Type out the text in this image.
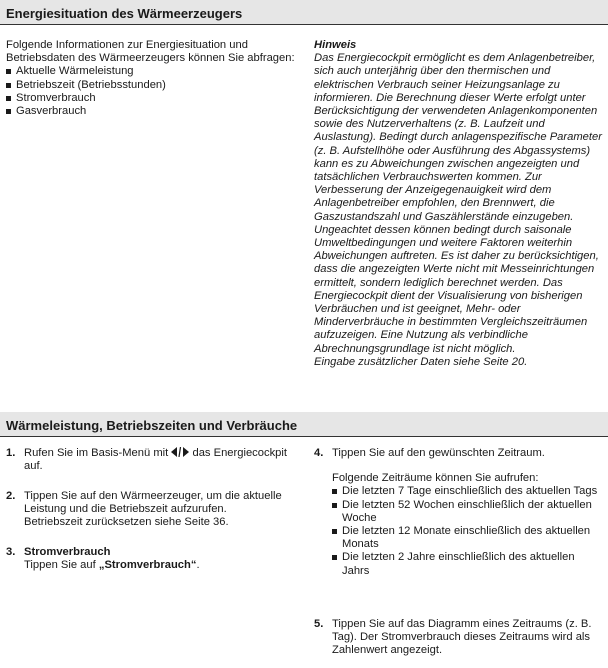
Energiesituation des Wärmeerzeugers

Folgende Informationen zur Energiesituation und Betriebsdaten des Wärmeerzeugers können Sie abfragen:

Aktuelle Wärmeleistung
Betriebszeit (Betriebsstunden)
Stromverbrauch
Gasverbrauch

Hinweis

Das Energiecockpit ermöglicht es dem Anlagenbetreiber, sich auch unterjährig über den thermischen und elektrischen Verbrauch seiner Heizungsanlage zu informieren. Die Berechnung dieser Werte erfolgt unter Berücksichtigung der verwendeten Anlagenkomponenten sowie des Nutzerverhaltens (z. B. Laufzeit und Auslastung). Bedingt durch anlagenspezifische Parameter (z. B. Aufstellhöhe oder Ausführung des Abgassystems) kann es zu Abweichungen zwischen angezeigten und tatsächlichen Verbrauchswerten kommen. Zur Verbesserung der Anzeigegenauigkeit wird dem Anlagenbetreiber empfohlen, den Brennwert, die Gaszustandszahl und Gaszählerstände einzugeben. Ungeachtet dessen können bedingt durch saisonale Umweltbedingungen und weitere Faktoren weiterhin Abweichungen auftreten. Es ist daher zu berücksichtigen, dass die angezeigten Werte nicht mit Messeinrichtungen ermittelt, sondern lediglich berechnet werden. Das Energiecockpit dient der Visualisierung von bisherigen Verbräuchen und ist geeignet, Mehr- oder Minderverbräuche in bestimmten Vergleichszeiträumen aufzuzeigen. Eine Nutzung als verbindliche Abrechnungsgrundlage ist nicht möglich.

Eingabe zusätzlicher Daten siehe Seite 20.

Wärmeleistung, Betriebszeiten und Verbräuche
1. Rufen Sie im Basis-Menü mit das Energiecockpit auf.
2. Tippen Sie auf den Wärmeerzeuger, um die aktuelle Leistung und die Betriebszeit aufzurufen.

Betriebszeit zurücksetzen siehe Seite 36.

3. Stromverbrauch

Tippen Sie auf „Stromverbrauch“.

4. Tippen Sie auf den gewünschten Zeitraum.

Folgende Zeiträume können Sie aufrufen:

Die letzten 7 Tage einschließlich des aktuellen Tags
Die letzten 52 Wochen einschließlich der aktuellen Woche
Die letzten 12 Monate einschließlich des aktuellen Monats
Die letzten 2 Jahre einschließlich des aktuellen Jahrs
5. Tippen Sie auf das Diagramm eines Zeitraums (z. B. Tag). Der Stromverbrauch dieses Zeitraums wird als Zahlenwert angezeigt.
